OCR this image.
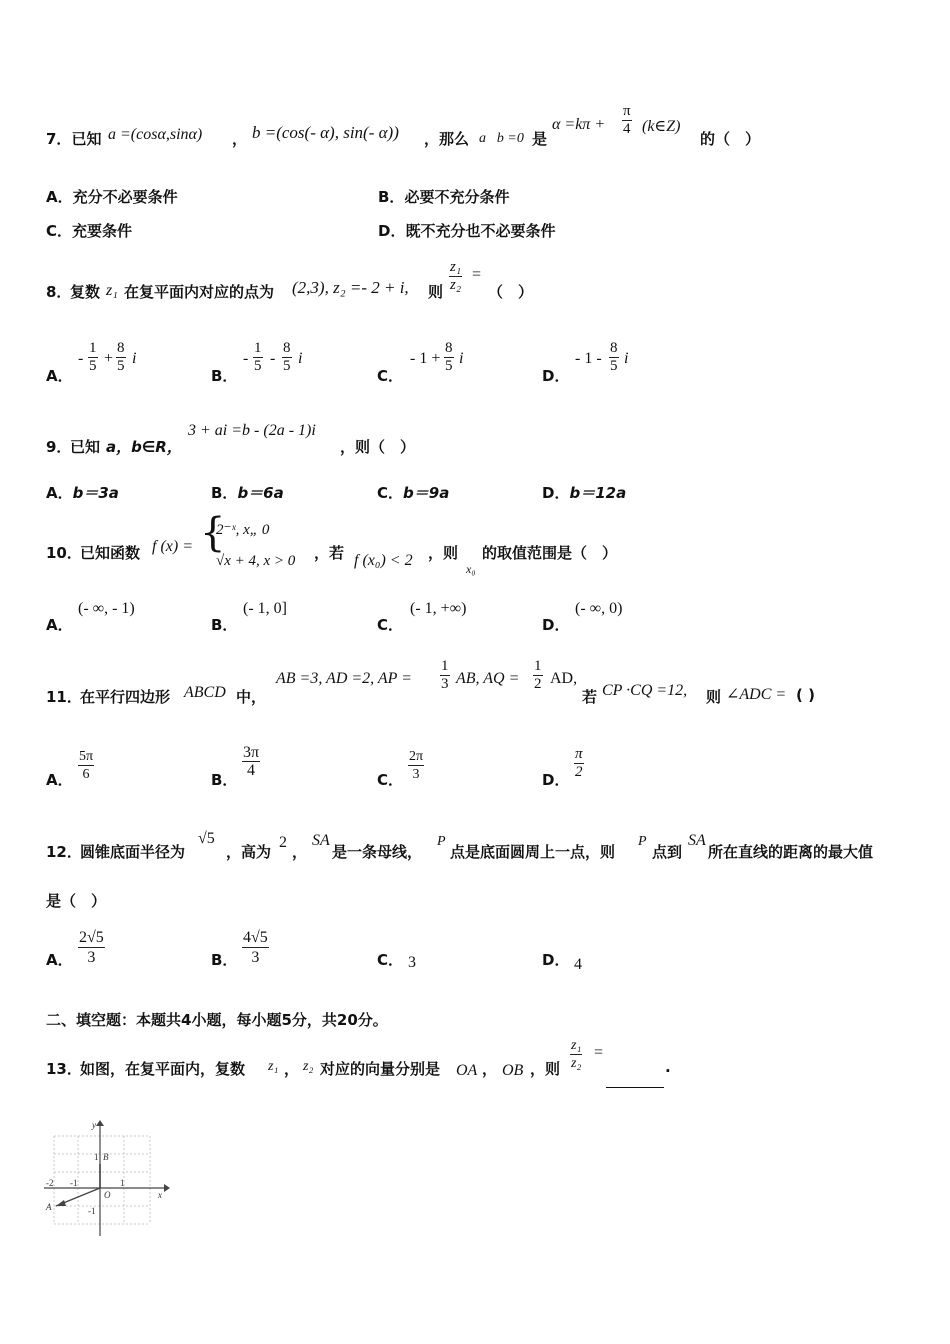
7．已知 a =(cosα,sinα) ， b =(cos(- α), sin(- α)) ，那么 a⃞b =0 是
$\alpha =k\pi + \frac{\pi}{4}$ (k∈Z)
的（　）
A．充分不必要条件	B．必要不充分条件
C．充要条件	D．既不充分也不必要条件
8．
复数 z₁ 在复平面内对应的点为 (2,3), z₂ =- 2 + i, 则 $\frac{\text{z₁}}{\text{z₂}}$ =
（　）
A．
- $\frac{1}{5} + \frac{8}{5}$ i
B．
- $\frac{1}{5} - \frac{8}{5}$ i
C．
- $1 + \frac{8}{5}$ i
D．
- $1 - \frac{8}{5}$ i
9．
已知 a，b∈R，
3 + ai =b - (2a - 1)i
，则（　）
A．b＝3a	B．b＝6a	C．b＝9a	D．b＝12a
10．
已知函数 f (x) = {
2⁻ˣ, x„ 0
√x + 4, x > 0 ，若 f (x₀) < 2 ，则
x₀
的取值范围是（　）
A．
(- ∞, - 1)
B．
(- 1, 0]
C．
(- 1, +∞)
D．
(- ∞, 0)
11．
在平行四边形 ABCD 中，
AB =3, AD =2, AP = $\frac{1}{3}$ AB, AQ = $\frac{1}{2}$ AD,
若 CP ·CQ =12, 则 ∠ADC = ( )
A． $\frac{5\pi}{6}$	B．
$\frac{3\pi}{4}$
C． $\frac{2\pi}{3}$	D． $\frac{\pi}{2}$
12．
圆锥底面半径为
√5
，高为
2
，
SA
是一条母线，
P
点是底面圆周上一点，则
P
点到
SA
所在直线的距离的最大值
是（　）
A． $\frac{2√5}{3}$	B． $\frac{4√5}{3}$	C． 3	D． 4
二、填空题：本题共4小题，每小题5分，共20分。
13．
如图，在复平面内，复数 z₁ ， z₂ 对应的向量分别是 OA ， OB ，则 $\frac{\text{z₁}}{\text{z₂}}$ =
.
y
x
O
1 B
-2 -1	1
A	-1
